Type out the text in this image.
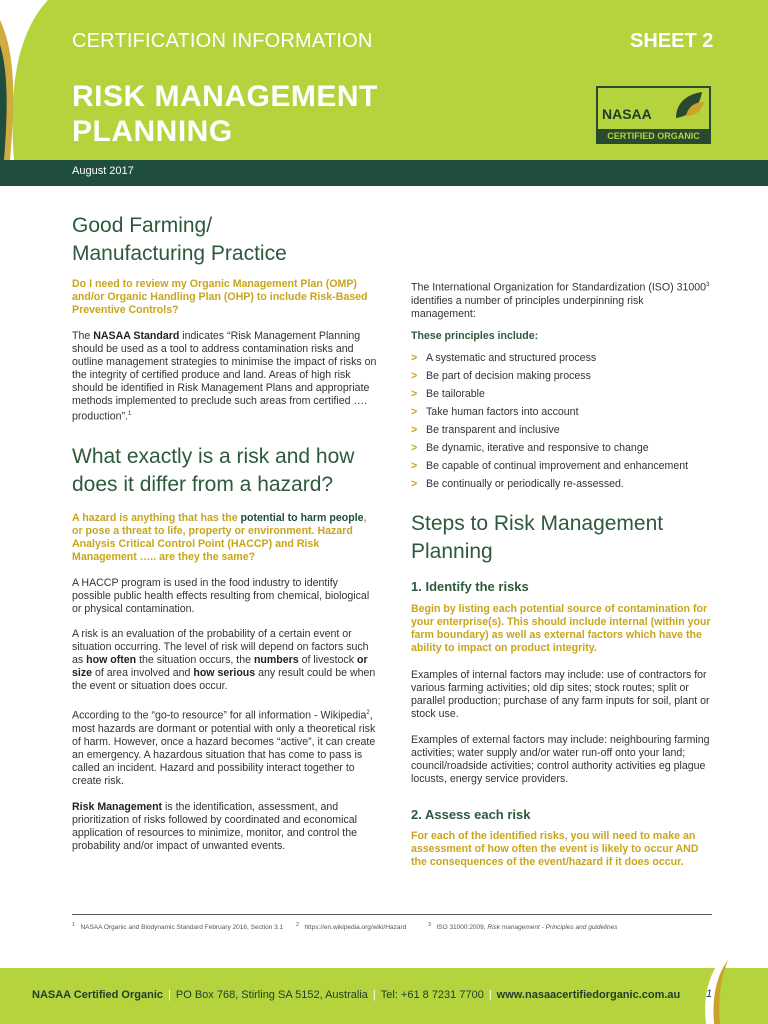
CERTIFICATION INFORMATION	SHEET 2
RISK MANAGEMENT
PLANNING
August 2017
NASAA
CERTIFIED ORGANIC
Good Farming/
Manufacturing Practice
Do I need to review my Organic Management Plan (OMP) and/or Organic Handling Plan (OHP) to include Risk-Based Preventive Controls?
The NASAA Standard indicates “Risk Management Planning should be used as a tool to address contamination risks and outline management strategies to minimise the impact of risks on the integrity of certified produce and land. Areas of high risk should be identified in Risk Management Plans and appropriate methods implemented to preclude such areas from certified …. production”.$^1$
What exactly is a risk and how
does it differ from a hazard?
A hazard is anything that has the potential to harm people, or pose a threat to life, property or environment. Hazard Analysis Critical Control Point (HACCP) and Risk Management ….. are they the same?
A HACCP program is used in the food industry to identify possible public health effects resulting from chemical, biological or physical contamination.
A risk is an evaluation of the probability of a certain event or situation occurring. The level of risk will depend on factors such as how often the situation occurs, the numbers of livestock or size of area involved and how serious any result could be when the event or situation does occur.
According to the “go-to resource” for all information - Wikipedia$^2$, most hazards are dormant or potential with only a theoretical risk of harm. However, once a hazard becomes “active”, it can create an emergency. A hazardous situation that has come to pass is called an incident. Hazard and possibility interact together to create risk.
Risk Management is the identification, assessment, and prioritization of risks followed by coordinated and economical application of resources to minimize, monitor, and control the probability and/or impact of unwanted events.
The International Organization for Standardization (ISO) 31000$^3$ identifies a number of principles underpinning risk management:
These principles include:
> A systematic and structured process
> Be part of decision making process
> Be tailorable
> Take human factors into account
> Be transparent and inclusive
> Be dynamic, iterative and responsive to change
> Be capable of continual improvement and enhancement
> Be continually or periodically re-assessed.
Steps to Risk Management
Planning
1. Identify the risks
Begin by listing each potential source of contamination for your enterprise(s). This should include internal (within your farm boundary) as well as external factors which have the ability to impact on product integrity.
Examples of internal factors may include: use of contractors for various farming activities; old dip sites; stock routes; split or parallel production; purchase of any farm inputs for soil, plant or stock use.
Examples of external factors may include: neighbouring farming activities; water supply and/or water run-off onto your land; council/roadside activities; control authority activities eg plague locusts, energy service providers.
2. Assess each risk
For each of the identified risks, you will need to make an assessment of how often the event is likely to occur AND the consequences of the event/hazard if it does occur.
$^1$ NASAA Organic and Biodynamic Standard February 2016, Section 3.1 $^2$ https://en.wikipedia.org/wiki/Hazard	$^3$ ISO 31000:2009, Risk management - Principles and guidelines
NASAA Certified Organic | PO Box 768, Stirling SA 5152, Australia | Tel: +61 8 7231 7700 | www.nasaacertifiedorganic.com.au 1
